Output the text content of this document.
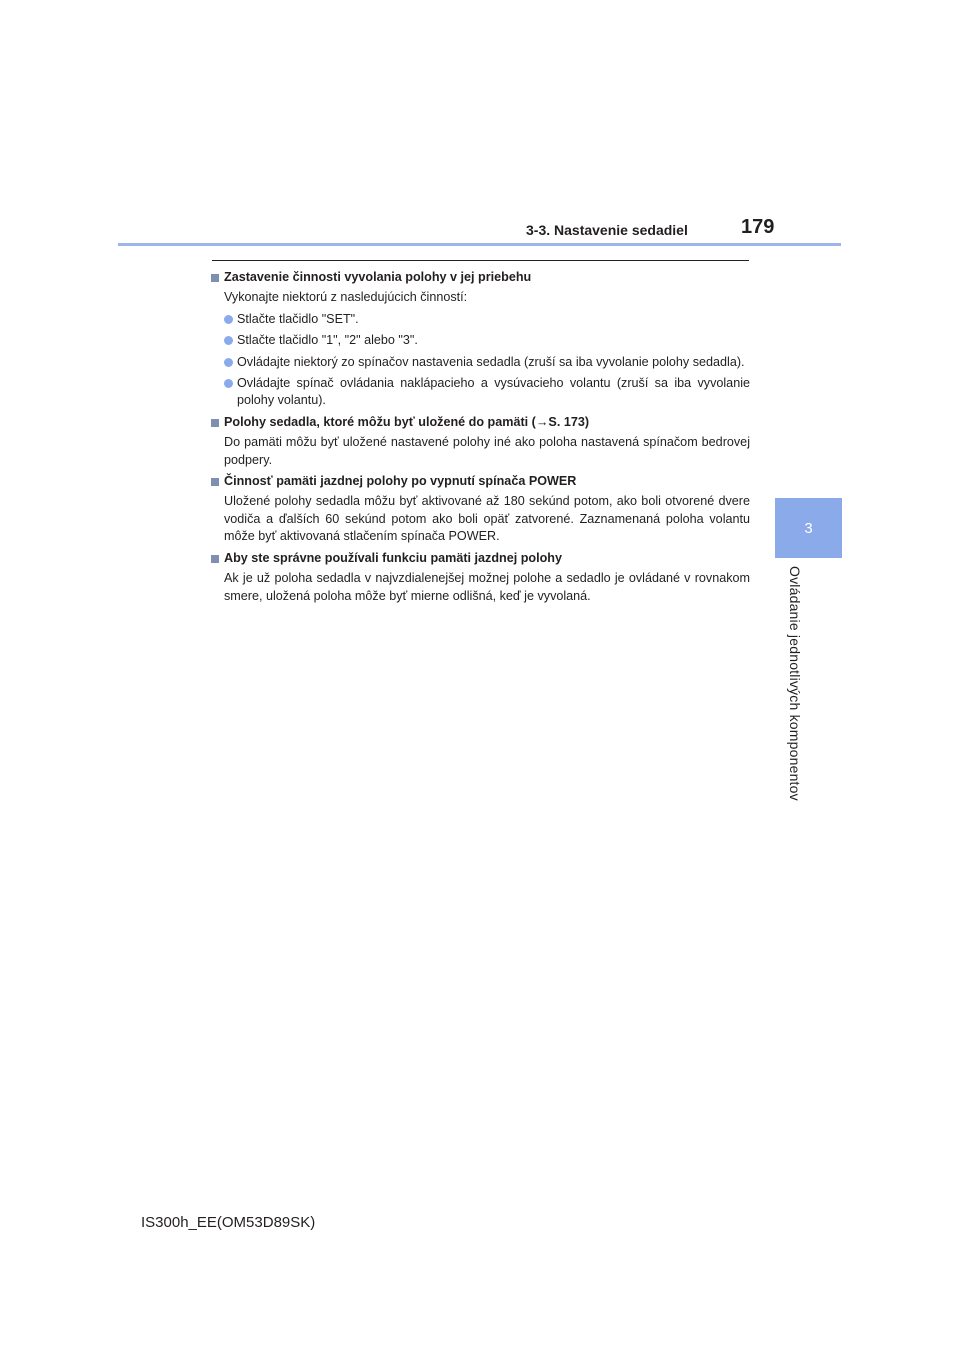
3-3. Nastavenie sedadiel	179
3
Ovládanie jednotlivých komponentov
Zastavenie činnosti vyvolania polohy v jej priebehu
Vykonajte niektorú z nasledujúcich činností:
Stlačte tlačidlo "SET".
Stlačte tlačidlo "1", "2" alebo "3".
Ovládajte niektorý zo spínačov nastavenia sedadla (zruší sa iba vyvolanie polohy sedadla).
Ovládajte spínač ovládania naklápacieho a vysúvacieho volantu (zruší sa iba vyvolanie polohy volantu).
Polohy sedadla, ktoré môžu byť uložené do pamäti (→S. 173)
Do pamäti môžu byť uložené nastavené polohy iné ako poloha nastavená spínačom bedrovej podpery.
Činnosť pamäti jazdnej polohy po vypnutí spínača POWER
Uložené polohy sedadla môžu byť aktivované až 180 sekúnd potom, ako boli otvorené dvere vodiča a ďalších 60 sekúnd potom ako boli opäť zatvorené. Zaznamenaná poloha volantu môže byť aktivovaná stlačením spínača POWER.
Aby ste správne používali funkciu pamäti jazdnej polohy
Ak je už poloha sedadla v najvzdialenejšej možnej polohe a sedadlo je ovládané v rovnakom smere, uložená poloha môže byť mierne odlišná, keď je vyvolaná.
IS300h_EE(OM53D89SK)
